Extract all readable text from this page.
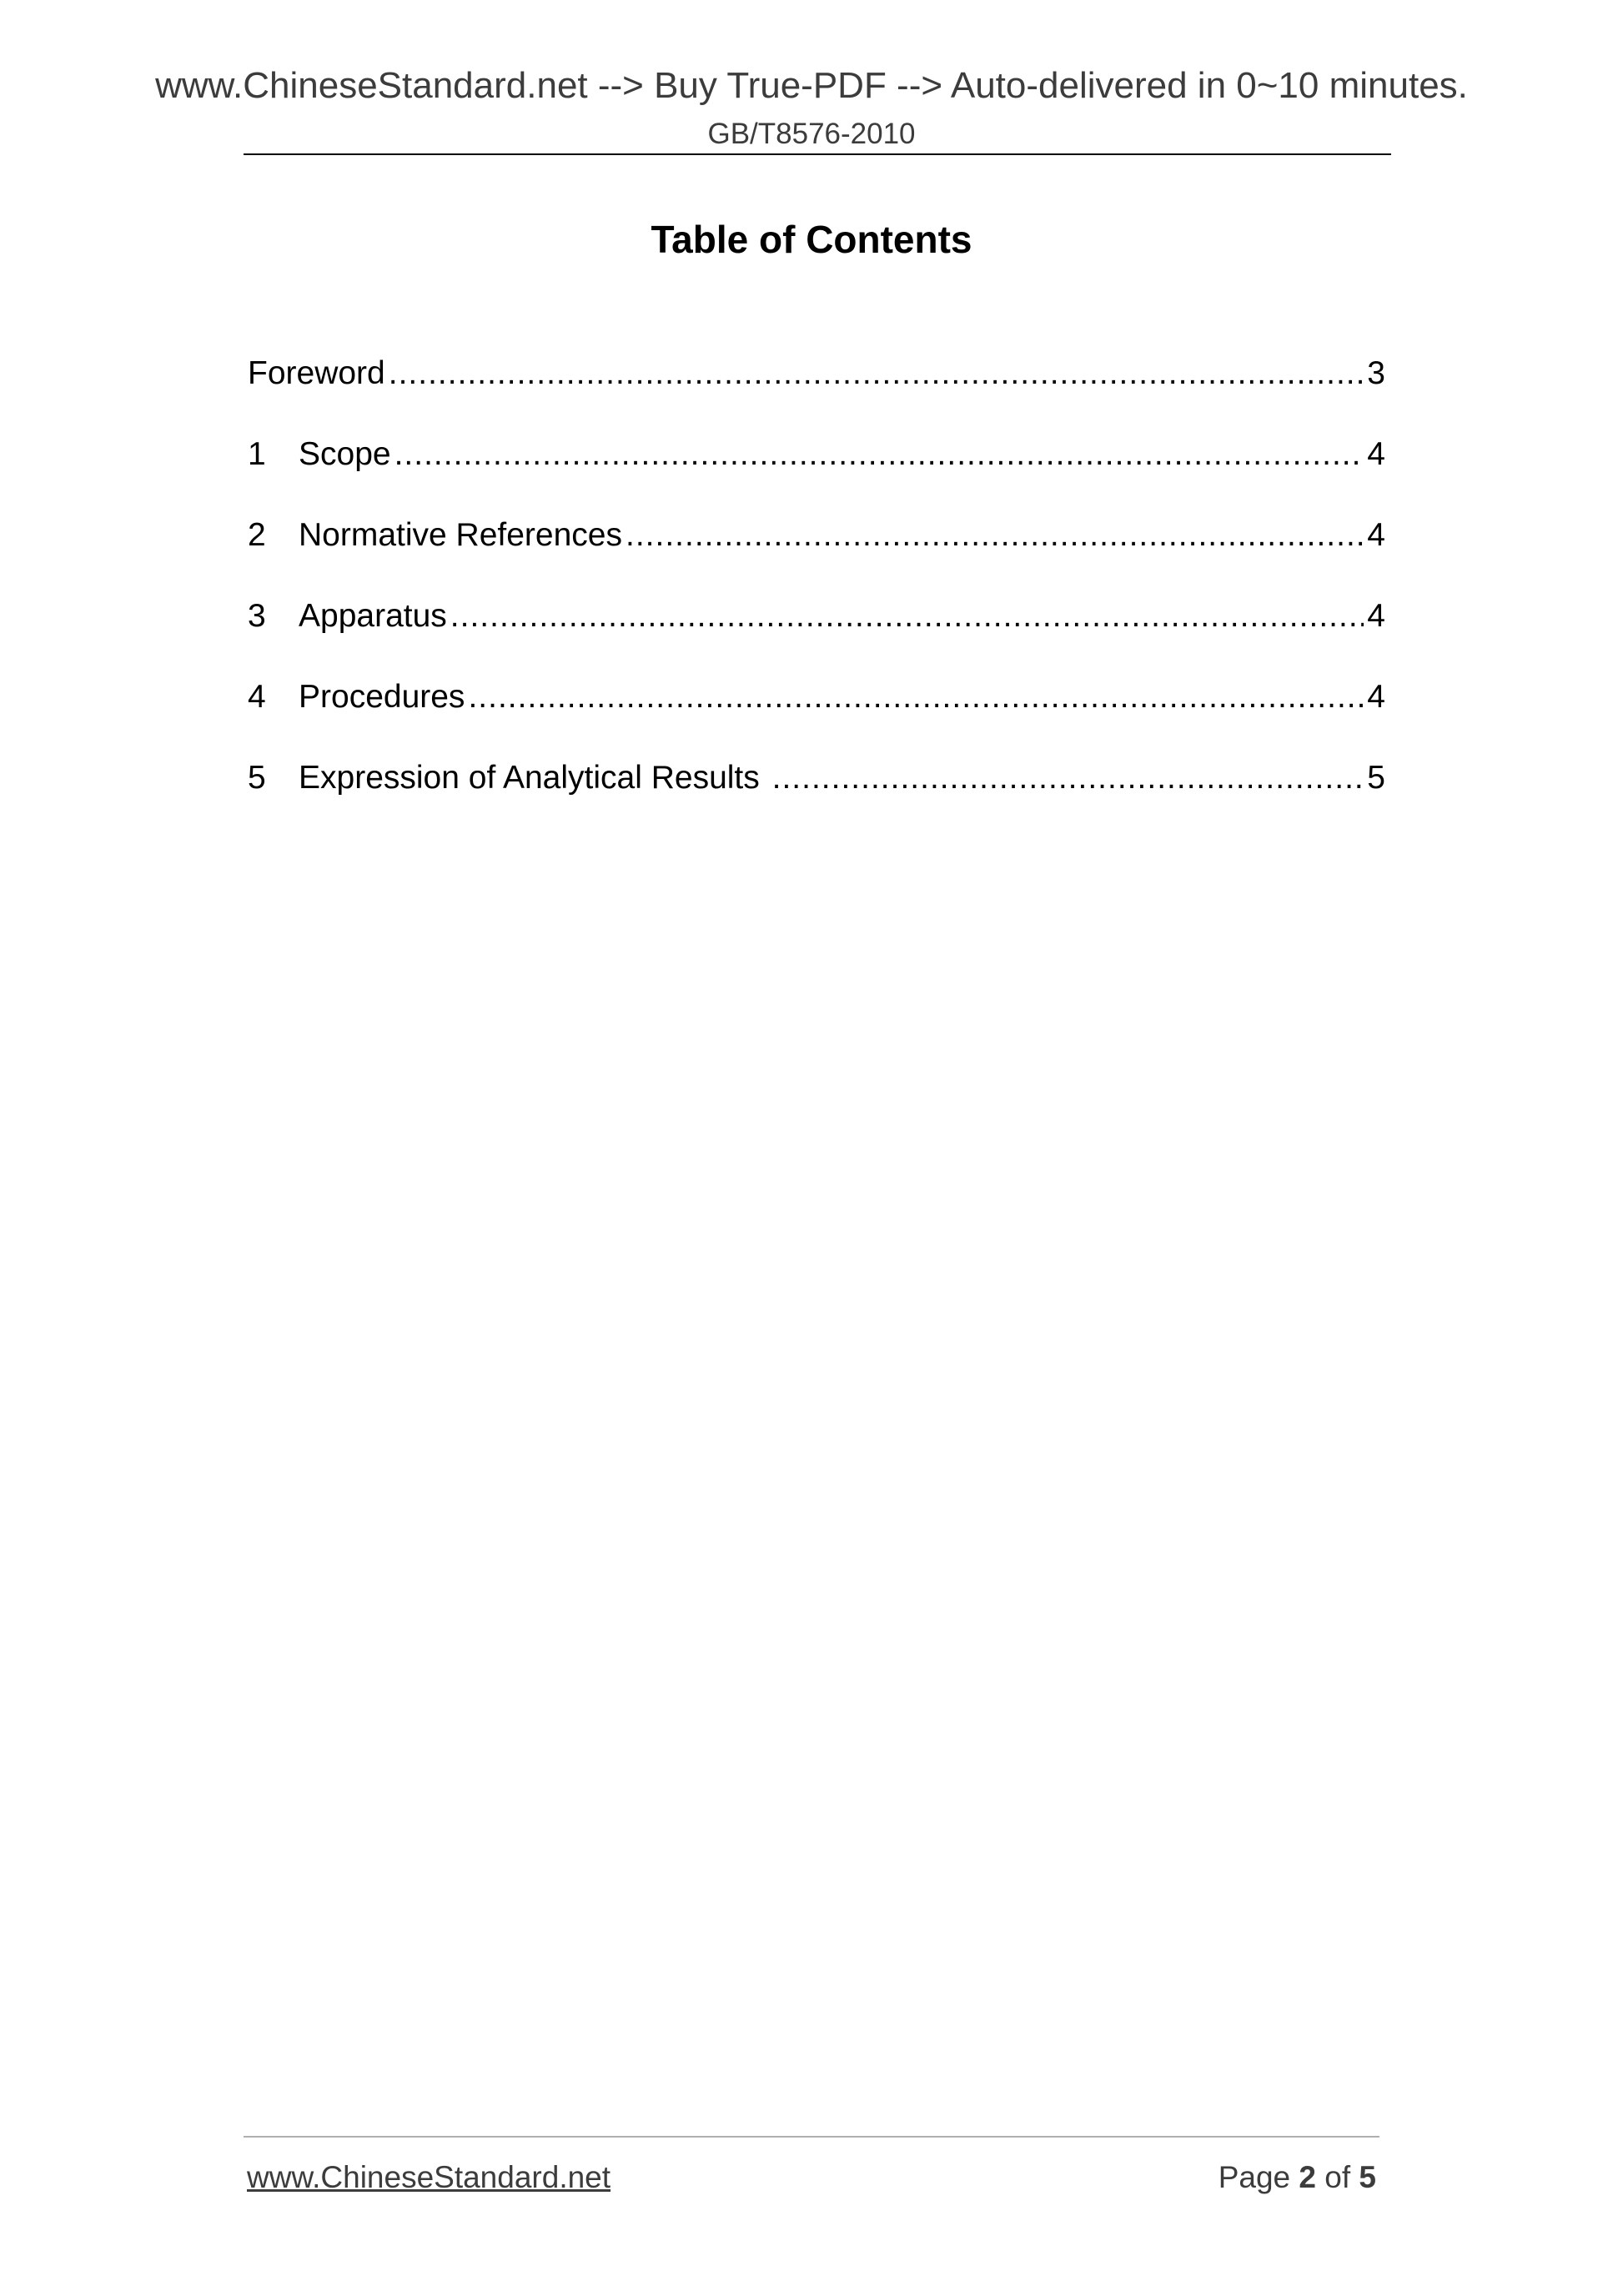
www.ChineseStandard.net --> Buy True-PDF --> Auto-delivered in 0~10 minutes.
GB/T8576-2010
Table of Contents
Foreword .....	3
1	Scope .....	4
2	Normative References .....	4
3	Apparatus .....	4
4	Procedures .....	4
5	Expression of Analytical Results .....	5
www.ChineseStandard.net	Page 2 of 5
